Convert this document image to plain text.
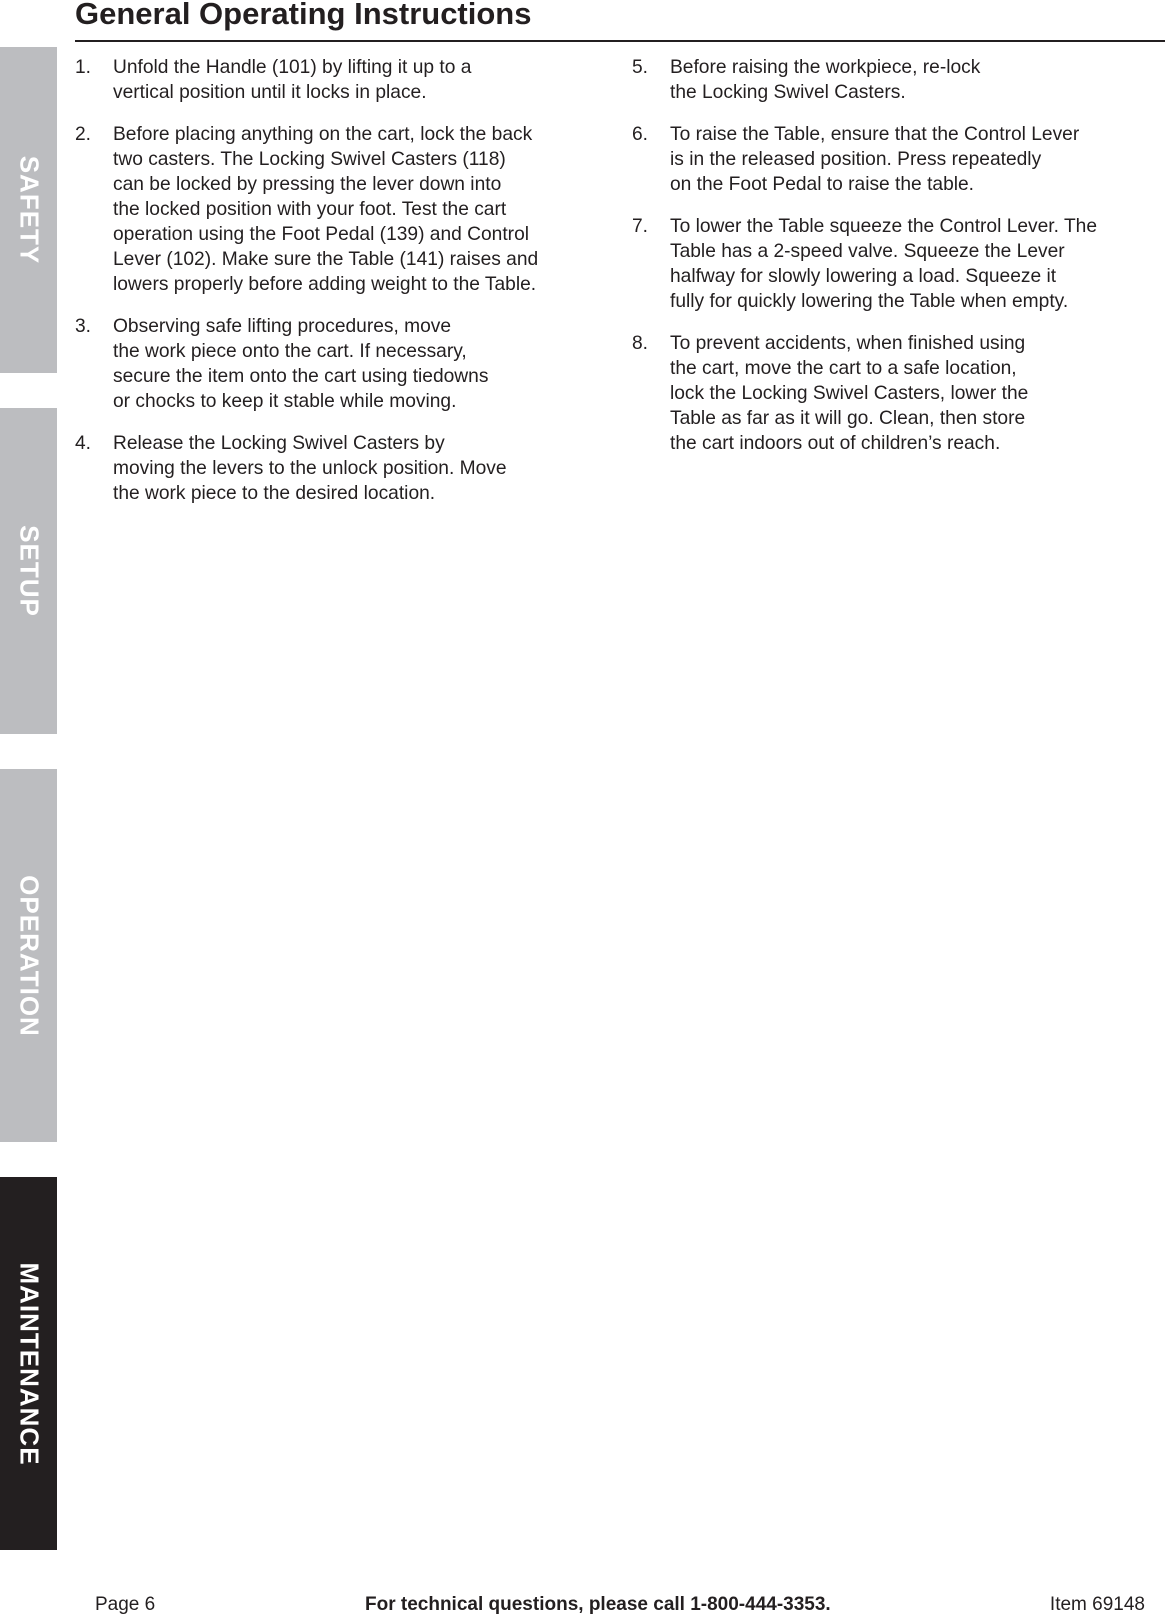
General Operating Instructions
SAFETY
SETUP
OPERATION
MAINTENANCE
1. Unfold the Handle (101) by lifting it up to a
vertical position until it locks in place.
2. Before placing anything on the cart, lock the back
two casters. The Locking Swivel Casters (118)
can be locked by pressing the lever down into
the locked position with your foot. Test the cart
operation using the Foot Pedal (139) and Control
Lever (102). Make sure the Table (141) raises and
lowers properly before adding weight to the Table.
3. Observing safe lifting procedures, move
the work piece onto the cart. If necessary,
secure the item onto the cart using tiedowns
or chocks to keep it stable while moving.
4. Release the Locking Swivel Casters by
moving the levers to the unlock position. Move
the work piece to the desired location.
5. Before raising the workpiece, re-lock
the Locking Swivel Casters.
6. To raise the Table, ensure that the Control Lever
is in the released position. Press repeatedly
on the Foot Pedal to raise the table.
7. To lower the Table squeeze the Control Lever. The
Table has a 2-speed valve. Squeeze the Lever
halfway for slowly lowering a load. Squeeze it
fully for quickly lowering the Table when empty.
8. To prevent accidents, when finished using
the cart, move the cart to a safe location,
lock the Locking Swivel Casters, lower the
Table as far as it will go. Clean, then store
the cart indoors out of children’s reach.
Page 6	For technical questions, please call 1-800-444-3353.	Item 69148
